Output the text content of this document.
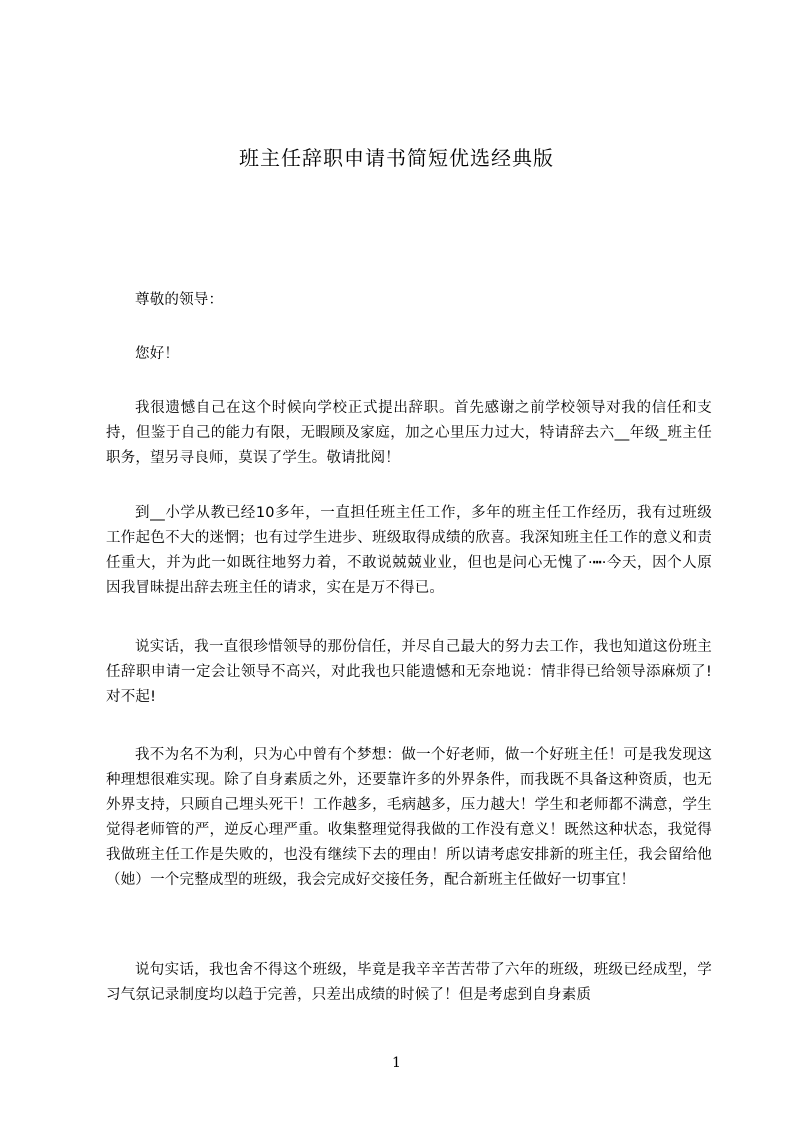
班主任辞职申请书简短优选经典版

尊敬的领导：

您好！

我很遗憾自己在这个时候向学校正式提出辞职。首先感谢之前学校领导对我的信任和支持，但鉴于自己的能力有限，无暇顾及家庭，加之心里压力过大，特请辞去六__年级_班主任职务，望另寻良师，莫误了学生。敬请批阅！

到__小学从教已经10多年，一直担任班主任工作，多年的班主任工作经历，我有过班级工作起色不大的迷惘；也有过学生进步、班级取得成绩的欣喜。我深知班主任工作的意义和责任重大，并为此一如既往地努力着，不敢说兢兢业业，但也是问心无愧了·┅·今天，因个人原因我冒昧提出辞去班主任的请求，实在是万不得已。

说实话，我一直很珍惜领导的那份信任，并尽自己最大的努力去工作，我也知道这份班主任辞职申请一定会让领导不高兴，对此我也只能遗憾和无奈地说：情非得已给领导添麻烦了!对不起!

我不为名不为利，只为心中曾有个梦想：做一个好老师，做一个好班主任！可是我发现这种理想很难实现。除了自身素质之外，还要靠许多的外界条件，而我既不具备这种资质，也无外界支持，只顾自己埋头死干！工作越多，毛病越多，压力越大！学生和老师都不满意，学生觉得老师管的严，逆反心理严重。收集整理觉得我做的工作没有意义！既然这种状态，我觉得我做班主任工作是失败的，也没有继续下去的理由！所以请考虑安排新的班主任，我会留给他（她）一个完整成型的班级，我会完成好交接任务，配合新班主任做好一切事宜！

说句实话，我也舍不得这个班级，毕竟是我辛辛苦苦带了六年的班级，班级已经成型，学习气氛记录制度均以趋于完善，只差出成绩的时候了！但是考虑到自身素质

1
